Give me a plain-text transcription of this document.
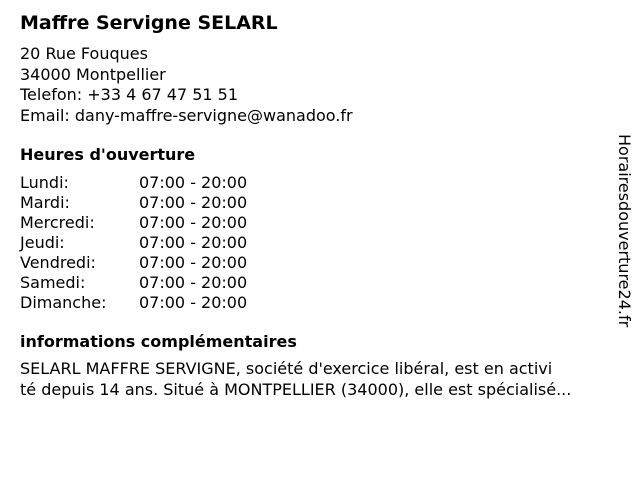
Maffre Servigne SELARL
20 Rue Fouques
34000 Montpellier
Telefon: +33 4 67 47 51 51
Email: dany-maffre-servigne@wanadoo.fr
Heures d'ouverture
Lundi:	07:00 - 20:00
Mardi:	07:00 - 20:00
Mercredi:	07:00 - 20:00
Jeudi:	07:00 - 20:00
Vendredi:	07:00 - 20:00
Samedi:	07:00 - 20:00
Dimanche:	07:00 - 20:00
informations complémentaires
SELARL MAFFRE SERVIGNE, société d'exercice libéral, est en activi
té depuis 14 ans. Situé à MONTPELLIER (34000), elle est spécialisé...
Horairesdouverture24.fr
